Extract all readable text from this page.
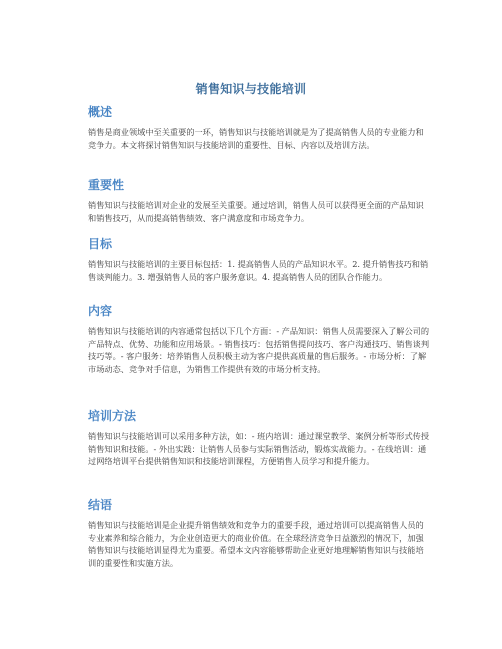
销售知识与技能培训
概述

销售是商业领域中至关重要的一环，销售知识与技能培训就是为了提高销售人员的专业能力和竞争力。本文将探讨销售知识与技能培训的重要性、目标、内容以及培训方法。

重要性

销售知识与技能培训对企业的发展至关重要。通过培训，销售人员可以获得更全面的产品知识和销售技巧，从而提高销售绩效、客户满意度和市场竞争力。

目标

销售知识与技能培训的主要目标包括：1. 提高销售人员的产品知识水平。2. 提升销售技巧和销售谈判能力。3. 增强销售人员的客户服务意识。4. 提高销售人员的团队合作能力。

内容

销售知识与技能培训的内容通常包括以下几个方面：- 产品知识：销售人员需要深入了解公司的产品特点、优势、功能和应用场景。- 销售技巧：包括销售提问技巧、客户沟通技巧、销售谈判技巧等。- 客户服务：培养销售人员积极主动为客户提供高质量的售后服务。- 市场分析：了解市场动态、竞争对手信息，为销售工作提供有效的市场分析支持。

培训方法

销售知识与技能培训可以采用多种方法，如：- 班内培训：通过课堂教学、案例分析等形式传授销售知识和技能。- 外出实践：让销售人员参与实际销售活动，锻炼实战能力。- 在线培训：通过网络培训平台提供销售知识和技能培训课程，方便销售人员学习和提升能力。

结语

销售知识与技能培训是企业提升销售绩效和竞争力的重要手段，通过培训可以提高销售人员的专业素养和综合能力，为企业创造更大的商业价值。在全球经济竞争日益激烈的情况下，加强销售知识与技能培训显得尤为重要。希望本文内容能够帮助企业更好地理解销售知识与技能培训的重要性和实施方法。
